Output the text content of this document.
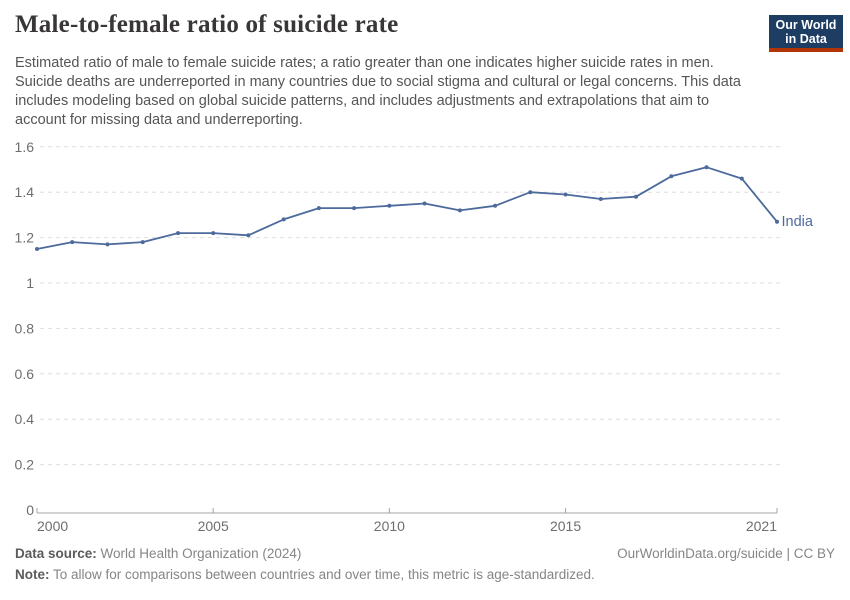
Male-to-female ratio of suicide rate	Our World
in Data
Estimated ratio of male to female suicide rates; a ratio greater than one indicates higher suicide rates in men. Suicide deaths are underreported in many countries due to social stigma and cultural or legal concerns. This data includes modeling based on global suicide patterns, and includes adjustments and extrapolations that aim to account for missing data and underreporting.
0
0.2
0.4
0.6
0.8
1
1.2
1.4
1.6
2000	2005	2010	2015	2021
India
Data source: World Health Organization (2024)	OurWorldinData.org/suicide | CC BY
Note: To allow for comparisons between countries and over time, this metric is age-standardized.
